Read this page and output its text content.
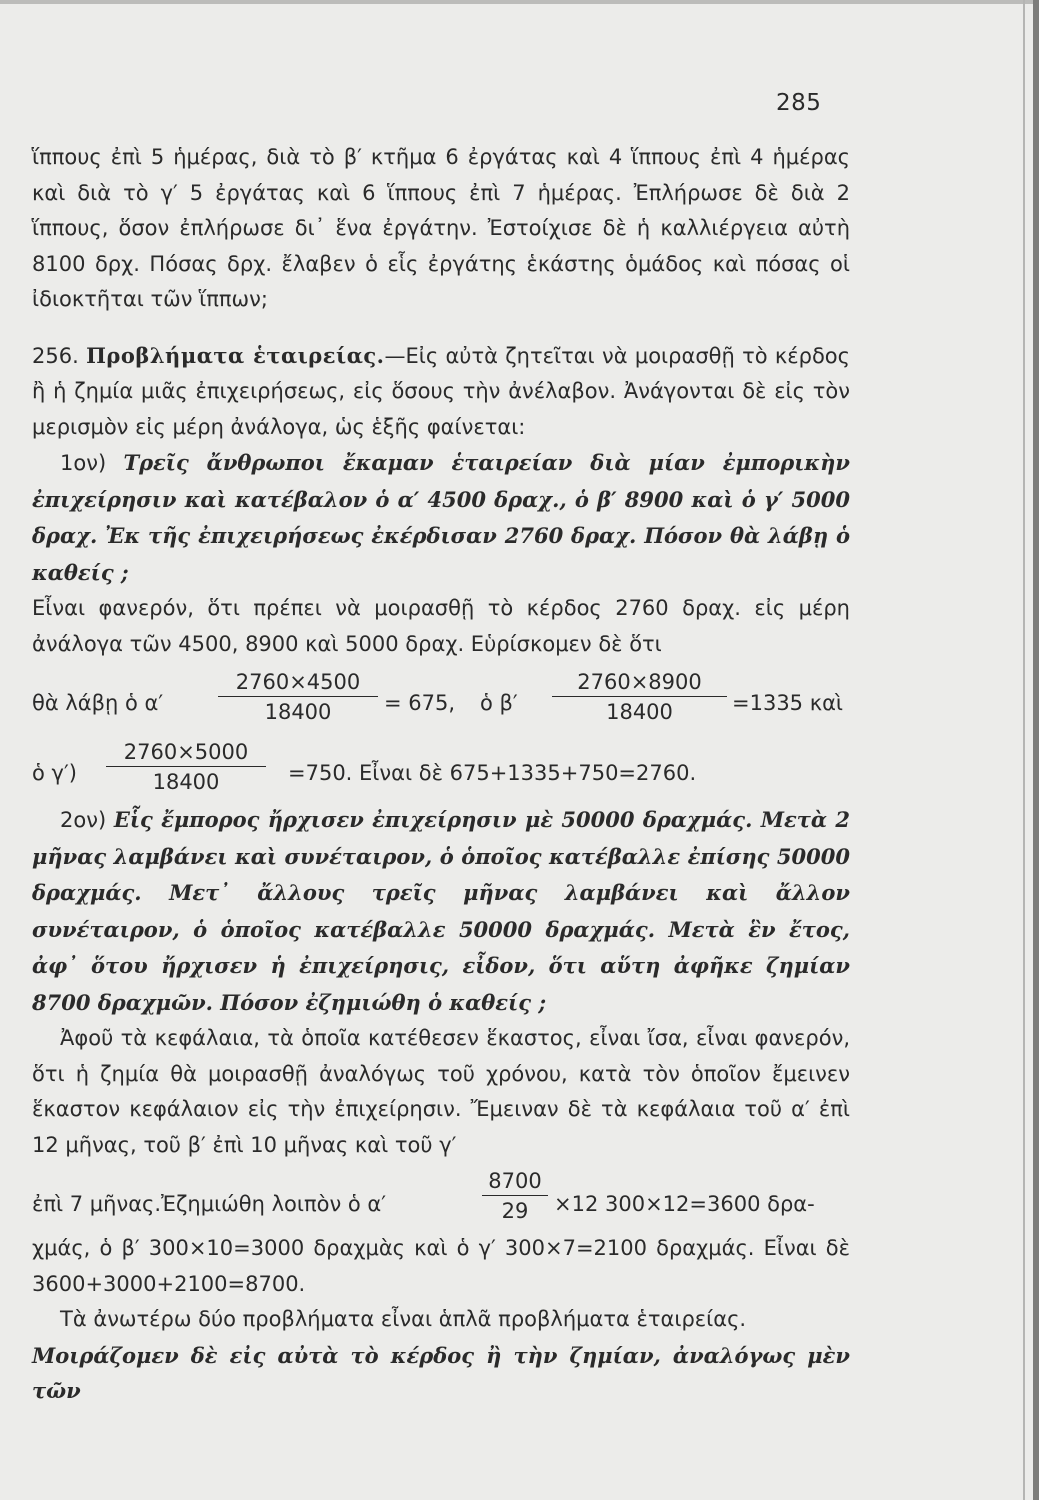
285

ἵππους ἐπὶ 5 ἡμέρας, διὰ τὸ β′ κτῆμα 6 ἐργάτας καὶ 4 ἵππους ἐπὶ 4 ἡμέρας καὶ διὰ τὸ γ′ 5 ἐργάτας καὶ 6 ἵππους ἐπὶ 7 ἡμέρας. Ἐπλήρωσε δὲ διὰ 2 ἵππους, ὅσον ἐπλήρωσε δι᾽ ἕνα ἐργάτην. Ἐστοίχισε δὲ ἡ καλλιέργεια αὐτὴ 8100 δρχ. Πόσας δρχ. ἔλαβεν ὁ εἷς ἐργάτης ἑκάστης ὁμάδος καὶ πόσας οἱ ἰδιοκτῆται τῶν ἵππων;

256. Προβλήματα ἑταιρείας.—Εἰς αὐτὰ ζητεῖται νὰ μοιρασθῇ τὸ κέρδος ἢ ἡ ζημία μιᾶς ἐπιχειρήσεως, εἰς ὅσους τὴν ἀνέλαβον. Ἀνάγονται δὲ εἰς τὸν μερισμὸν εἰς μέρη ἀνάλογα, ὡς ἑξῆς φαίνεται:

1ον) Τρεῖς ἄνθρωποι ἔκαμαν ἑταιρείαν διὰ μίαν ἐμπορικὴν ἐπιχείρησιν καὶ κατέβαλον ὁ α′ 4500 δραχ., ὁ β′ 8900 καὶ ὁ γ′ 5000 δραχ. Ἐκ τῆς ἐπιχειρήσεως ἐκέρδισαν 2760 δραχ. Πόσον θὰ λάβῃ ὁ καθείς ;

Εἶναι φανερόν, ὅτι πρέπει νὰ μοιρασθῇ τὸ κέρδος 2760 δραχ. εἰς μέρη ἀνάλογα τῶν 4500, 8900 καὶ 5000 δραχ. Εὑρίσκομεν δὲ ὅτι

θὰ λάβῃ ὁ α′	$\frac{2760\times 4500}{18400} = 675$, ὁ $\beta' \frac{2760\times 8900}{18400} =1335$ καὶ
ὁ $\gamma') \frac{2760\times 5000}{18400} =750$. Εἶναι δὲ 675+1335+750=2760.

2ον) Εἷς ἔμπορος ἤρχισεν ἐπιχείρησιν μὲ 50000 δραχμάς. Μετὰ 2 μῆνας λαμβάνει καὶ συνέταιρον, ὁ ὁποῖος κατέβαλλε ἐπίσης 50000 δραχμάς. Μετ᾽ ἄλλους τρεῖς μῆνας λαμβάνει καὶ ἄλλον συνέταιρον, ὁ ὁποῖος κατέβαλλε 50000 δραχμάς. Μετὰ ἓν ἔτος, ἀφ᾽ ὅτου ἤρχισεν ἡ ἐπιχείρησις, εἶδον, ὅτι αὕτη ἀφῆκε ζημίαν 8700 δραχμῶν. Πόσον ἐζημιώθη ὁ καθείς ;

Ἀφοῦ τὰ κεφάλαια, τὰ ὁποῖα κατέθεσεν ἕκαστος, εἶναι ἴσα, εἶναι φανερόν, ὅτι ἡ ζημία θὰ μοιρασθῇ ἀναλόγως τοῦ χρόνου, κατὰ τὸν ὁποῖον ἔμεινεν ἕκαστον κεφάλαιον εἰς τὴν ἐπιχείρησιν. Ἔμειναν δὲ τὰ κεφάλαια τοῦ α′ ἐπὶ 12 μῆνας, τοῦ β′ ἐπὶ 10 μῆνας καὶ τοῦ γ′

ἐπὶ 7 μῆνας.Ἐζημιώθη λοιπὸν ὁ α′	$\frac{8700}{29} \times 12$ 300×12=3600 δρα-

χμάς, ὁ β′ 300×10=3000 δραχμὰς καὶ ὁ γ′ 300×7=2100 δραχμάς. Εἶναι δὲ 3600+3000+2100=8700.

Τὰ ἀνωτέρω δύο προβλήματα εἶναι ἁπλᾶ προβλήματα ἑταιρείας.

Μοιράζομεν δὲ εἰς αὐτὰ τὸ κέρδος ἢ τὴν ζημίαν, ἀναλόγως μὲν τῶν
